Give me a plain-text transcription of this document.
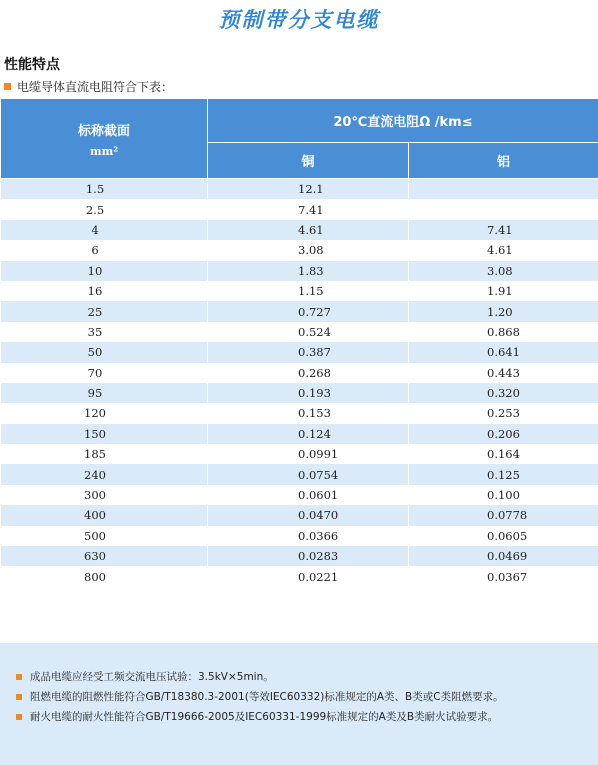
预制带分支电缆
性能特点
电缆导体直流电阻符合下表：
标称截面
mm²	20℃直流电阻Ω /km≤	
	铜	铝
1.5	12.1	
2.5	7.41	
4	4.61	7.41
6	3.08	4.61
10	1.83	3.08
16	1.15	1.91
25	0.727	1.20
35	0.524	0.868
50	0.387	0.641
70	0.268	0.443
95	0.193	0.320
120	0.153	0.253
150	0.124	0.206
185	0.0991	0.164
240	0.0754	0.125
300	0.0601	0.100
400	0.0470	0.0778
500	0.0366	0.0605
630	0.0283	0.0469
800	0.0221	0.0367
成品电缆应经受工频交流电压试验：3.5kV×5min。
阻燃电缆的阻燃性能符合GB/T18380.3-2001(等效IEC60332)标准规定的A类、B类或C类阻燃要求。
耐火电缆的耐火性能符合GB/T19666-2005及IEC60331-1999标准规定的A类及B类耐火试验要求。
